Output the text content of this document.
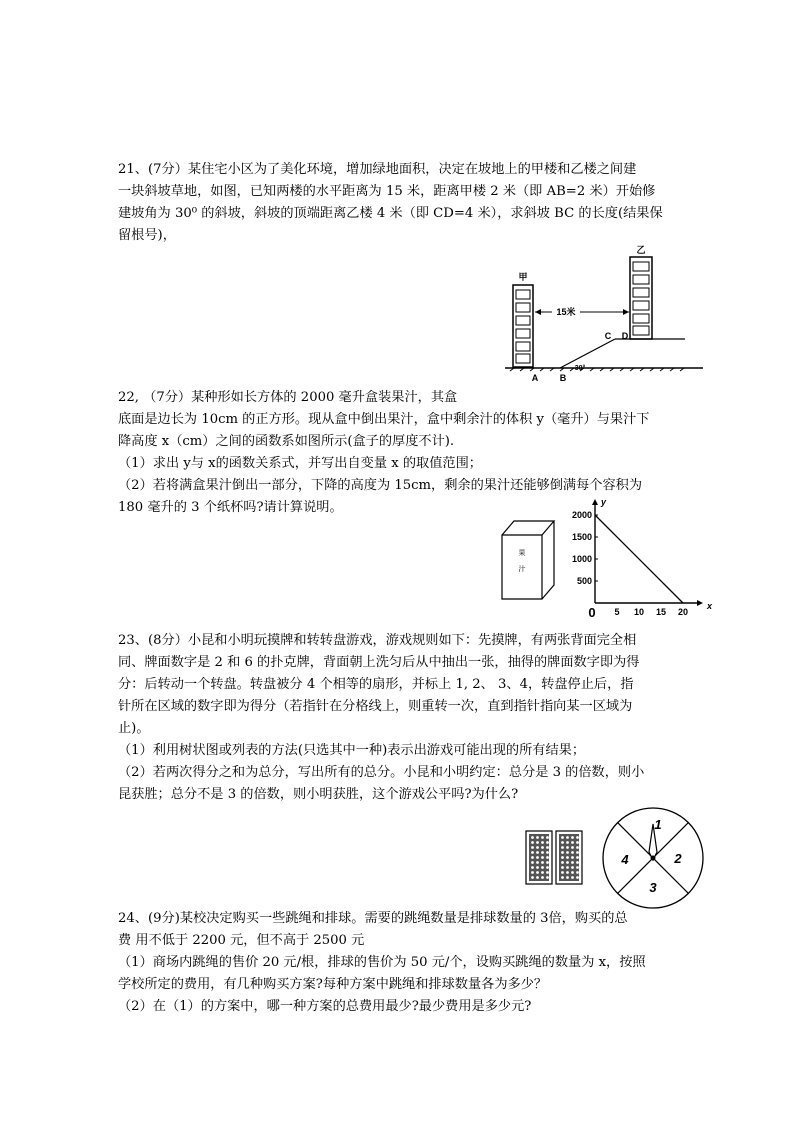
21、(7分）某住宅小区为了美化环境，增加绿地面积，决定在坡地上的甲楼和乙楼之间建
一块斜坡草地，如图，已知两楼的水平距离为 15 米，距离甲楼 2 米（即 AB=2 米）开始修
建坡角为 30⁰ 的斜坡，斜坡的顶端距离乙楼 4 米（即 CD=4 米），求斜坡 BC 的长度(结果保
留根号)，
15米
甲
乙
A B
C D
30°
22, （7分）某种形如长方体的 2000 毫升盒装果汁，其盒
底面是边长为 10cm 的正方形。现从盒中倒出果汁，盒中剩余汁的体积 y（毫升）与果汁下
降高度 x（cm）之间的函数系如图所示(盒子的厚度不计).
（1）求出 y与 x的函数关系式，并写出自变量 x 的取值范围；
（2）若将满盒果汁倒出一部分，下降的高度为 15cm，剩余的果汁还能够倒满每个容积为
180 毫升的 3 个纸杯吗?请计算说明。
果
汁
x
y
0 5 10 15 20
500
1000
1500
2000
23、(8分）小昆和小明玩摸牌和转转盘游戏，游戏规则如下：先摸牌，有两张背面完全相
同、牌面数字是 2 和 6 的扑克牌，背面朝上洗匀后从中抽出一张，抽得的牌面数字即为得
分：后转动一个转盘。转盘被分 4 个相等的扇形，并标上 1, 2、 3、4，转盘停止后，指
针所在区域的数字即为得分（若指针在分格线上，则重转一次，直到指针指向某一区域为
止)。
（1）利用树状图或列表的方法(只选其中一种)表示出游戏可能出现的所有结果；
（2）若两次得分之和为总分，写出所有的总分。小昆和小明约定：总分是 3 的倍数，则小
昆获胜；总分不是 3 的倍数，则小明获胜，这个游戏公平吗?为什么?
1
2
3
4
24、(9分)某校决定购买一些跳绳和排球。需要的跳绳数量是排球数量的 3倍，购买的总
费 用不低于 2200 元，但不高于 2500 元
（1）商场内跳绳的售价 20 元/根，排球的售价为 50 元/个，设购买跳绳的数量为 x，按照
学校所定的费用，有几种购买方案?每种方案中跳绳和排球数量各为多少？
（2）在（1）的方案中，哪一种方案的总费用最少?最少费用是多少元?
